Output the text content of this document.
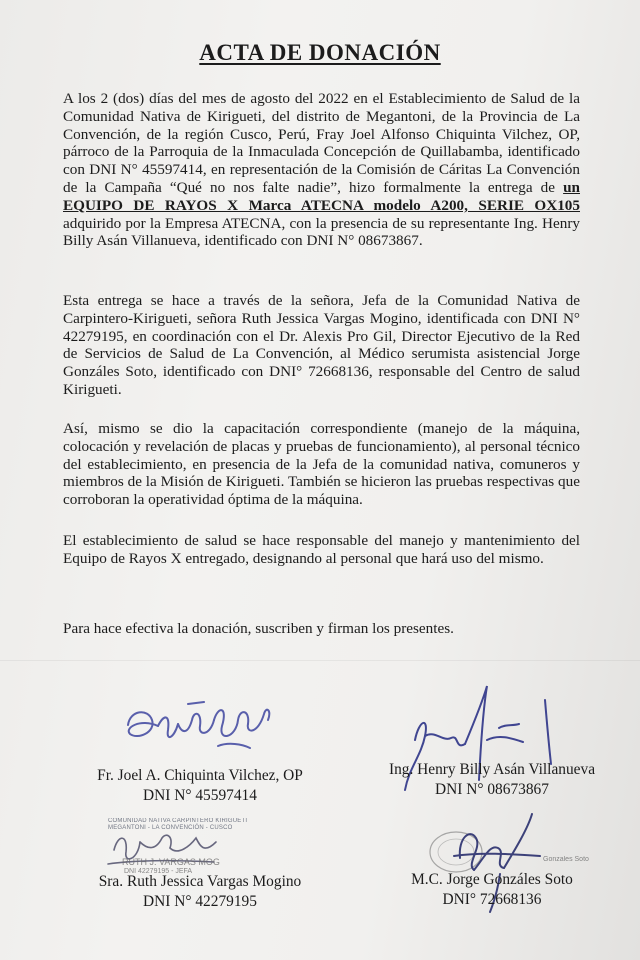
ACTA DE DONACIÓN
A los 2 (dos) días del mes de agosto del 2022 en el Establecimiento de Salud de la Comunidad Nativa de Kirigueti, del distrito de Megantoni, de la Provincia de La Convención, de la región Cusco, Perú, Fray Joel Alfonso Chiquinta Vilchez, OP, párroco de la Parroquia de la Inmaculada Concepción de Quillabamba, identificado con DNI N° 45597414, en representación de la Comisión de Cáritas La Convención de la Campaña “Qué no nos falte nadie”, hizo formalmente la entrega de un EQUIPO DE RAYOS X Marca ATECNA modelo A200, SERIE OX105 adquirido por la Empresa ATECNA, con la presencia de su representante Ing. Henry Billy Asán Villanueva, identificado con DNI N° 08673867.
Esta entrega se hace a través de la señora, Jefa de la Comunidad Nativa de Carpintero-Kirigueti, señora Ruth Jessica Vargas Mogino, identificada con DNI N° 42279195, en coordinación con el Dr. Alexis Pro Gil, Director Ejecutivo de la Red de Servicios de Salud de La Convención, al Médico serumista asistencial Jorge Gonzáles Soto, identificado con DNI° 72668136, responsable del Centro de salud Kirigueti.
Así, mismo se dio la capacitación correspondiente (manejo de la máquina, colocación y revelación de placas y pruebas de funcionamiento), al personal técnico del establecimiento, en presencia de la Jefa de la comunidad nativa, comuneros y miembros de la Misión de Kirigueti. También se hicieron las pruebas respectivas que corroboran la operatividad óptima de la máquina.
El establecimiento de salud se hace responsable del manejo y mantenimiento del Equipo de Rayos X entregado, designando al personal que hará uso del mismo.
Para hace efectiva la donación, suscriben y firman los presentes.
COMUNIDAD NATIVA CARPINTERO KIRIGUETI
MEGANTONI - LA CONVENCIÓN - CUSCO
RUTH J. VARGAS MOG
DNI 42279195 - JEFA
Gonzales Soto
Fr. Joel A. Chiquinta Vilchez, OP
DNI N° 45597414
Ing. Henry Billy Asán Villanueva
DNI N° 08673867
Sra. Ruth Jessica Vargas Mogino
DNI N° 42279195
M.C. Jorge Gonzáles Soto
DNI° 72668136
